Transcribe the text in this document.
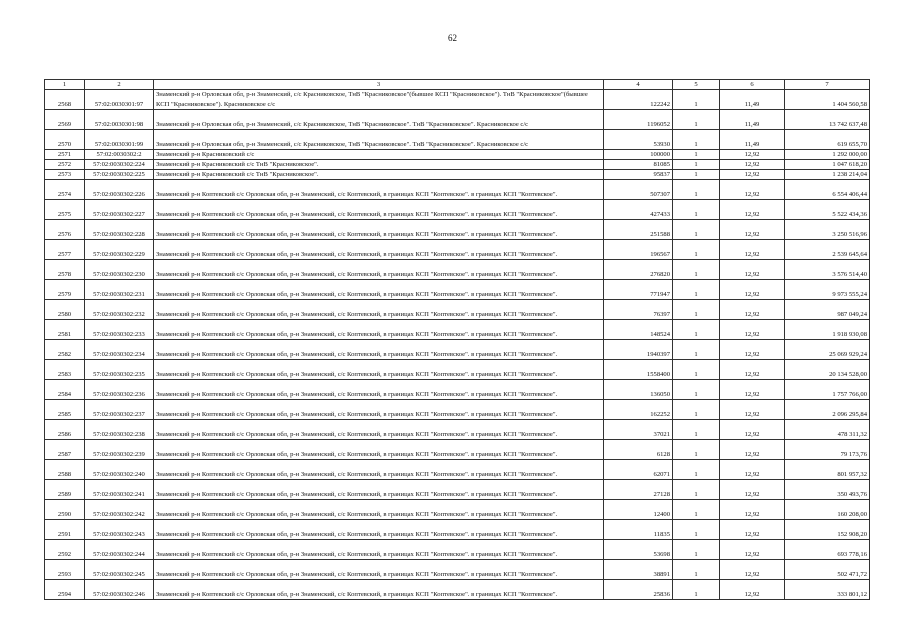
62
1	2	3	4	5	6	7
2568	57:02:0030301:97	Знаменский р-н Орловская обл, р-н Знаменский, с/с Красниковское, ТнВ "Красниковское"(бывшее КСП "Красниковское"). ТнВ "Красниковское"(бывшее КСП "Красниковское"). Красниковское с/с	122242	1	11,49	1 404 560,58
2569	57:02:0030301:98	Знаменский р-н Орловская обл, р-н Знаменский, с/с Красниковское, ТнВ "Красниковское". ТнВ "Красниковское". Красниковское с/с	1196052	1	11,49	13 742 637,48
2570	57:02:0030301:99	Знаменский р-н Орловская обл, р-н Знаменский, с/с Красниковское, ТнВ "Красниковское". ТнВ "Красниковское". Красниковское с/с	53930	1	11,49	619 655,70
2571	57:02:0030302:2	Знаменский р-н Красниковский с/с	100000	1	12,92	1 292 000,00
2572	57:02:0030302:224	Знаменский р-н Красниковский с/с ТнВ "Красниковское".	81085	1	12,92	1 047 618,20
2573	57:02:0030302:225	Знаменский р-н Красниковский с/с ТнВ "Красниковское".	95837	1	12,92	1 238 214,04
2574	57:02:0030302:226	Знаменский р-н Коптевский с/с Орловская обл, р-н Знаменский, с/с Коптевский, в границах КСП "Коптевское". в границах КСП "Коптевское".	507307	1	12,92	6 554 406,44
2575	57:02:0030302:227	Знаменский р-н Коптевский с/с Орловская обл, р-н Знаменский, с/с Коптевский, в границах КСП "Коптевское". в границах КСП "Коптевское".	427433	1	12,92	5 522 434,36
2576	57:02:0030302:228	Знаменский р-н Коптевский с/с Орловская обл, р-н Знаменский, с/с Коптевский, в границах КСП "Коптевское". в границах КСП "Коптевское".	251588	1	12,92	3 250 516,96
2577	57:02:0030302:229	Знаменский р-н Коптевский с/с Орловская обл, р-н Знаменский, с/с Коптевский, в границах КСП "Коптевское". в границах КСП "Коптевское".	196567	1	12,92	2 539 645,64
2578	57:02:0030302:230	Знаменский р-н Коптевский с/с Орловская обл, р-н Знаменский, с/с Коптевский, в границах КСП "Коптевское". в границах КСП "Коптевское".	276820	1	12,92	3 576 514,40
2579	57:02:0030302:231	Знаменский р-н Коптевский с/с Орловская обл, р-н Знаменский, с/с Коптевский, в границах КСП "Коптевское". в границах КСП "Коптевское".	771947	1	12,92	9 973 555,24
2580	57:02:0030302:232	Знаменский р-н Коптевский с/с Орловская обл, р-н Знаменский, с/с Коптевский, в границах КСП "Коптевское". в границах КСП "Коптевское".	76397	1	12,92	987 049,24
2581	57:02:0030302:233	Знаменский р-н Коптевский с/с Орловская обл, р-н Знаменский, с/с Коптевский, в границах КСП "Коптевское". в границах КСП "Коптевское".	148524	1	12,92	1 918 930,08
2582	57:02:0030302:234	Знаменский р-н Коптевский с/с Орловская обл, р-н Знаменский, с/с Коптевский, в границах КСП "Коптевское". в границах КСП "Коптевское".	1940397	1	12,92	25 069 929,24
2583	57:02:0030302:235	Знаменский р-н Коптевский с/с Орловская обл, р-н Знаменский, с/с Коптевский, в границах КСП "Коптевское". в границах КСП "Коптевское".	1558400	1	12,92	20 134 528,00
2584	57:02:0030302:236	Знаменский р-н Коптевский с/с Орловская обл, р-н Знаменский, с/с Коптевский, в границах КСП "Коптевское". в границах КСП "Коптевское".	136050	1	12,92	1 757 766,00
2585	57:02:0030302:237	Знаменский р-н Коптевский с/с Орловская обл, р-н Знаменский, с/с Коптевский, в границах КСП "Коптевское". в границах КСП "Коптевское".	162252	1	12,92	2 096 295,84
2586	57:02:0030302:238	Знаменский р-н Коптевский с/с Орловская обл, р-н Знаменский, с/с Коптевский, в границах КСП "Коптевское". в границах КСП "Коптевское".	37021	1	12,92	478 311,32
2587	57:02:0030302:239	Знаменский р-н Коптевский с/с Орловская обл, р-н Знаменский, с/с Коптевский, в границах КСП "Коптевское". в границах КСП "Коптевское".	6128	1	12,92	79 173,76
2588	57:02:0030302:240	Знаменский р-н Коптевский с/с Орловская обл, р-н Знаменский, с/с Коптевский, в границах КСП "Коптевское". в границах КСП "Коптевское".	62071	1	12,92	801 957,32
2589	57:02:0030302:241	Знаменский р-н Коптевский с/с Орловская обл, р-н Знаменский, с/с Коптевский, в границах КСП "Коптевское". в границах КСП "Коптевское".	27128	1	12,92	350 493,76
2590	57:02:0030302:242	Знаменский р-н Коптевский с/с Орловская обл, р-н Знаменский, с/с Коптевский, в границах КСП "Коптевское". в границах КСП "Коптевское".	12400	1	12,92	160 208,00
2591	57:02:0030302:243	Знаменский р-н Коптевский с/с Орловская обл, р-н Знаменский, с/с Коптевский, в границах КСП "Коптевское". в границах КСП "Коптевское".	11835	1	12,92	152 908,20
2592	57:02:0030302:244	Знаменский р-н Коптевский с/с Орловская обл, р-н Знаменский, с/с Коптевский, в границах КСП "Коптевское". в границах КСП "Коптевское".	53698	1	12,92	693 778,16
2593	57:02:0030302:245	Знаменский р-н Коптевский с/с Орловская обл, р-н Знаменский, с/с Коптевский, в границах КСП "Коптевское". в границах КСП "Коптевское".	38891	1	12,92	502 471,72
2594	57:02:0030302:246	Знаменский р-н Коптевский с/с Орловская обл, р-н Знаменский, с/с Коптевский, в границах КСП "Коптевское". в границах КСП "Коптевское".	25836	1	12,92	333 801,12
